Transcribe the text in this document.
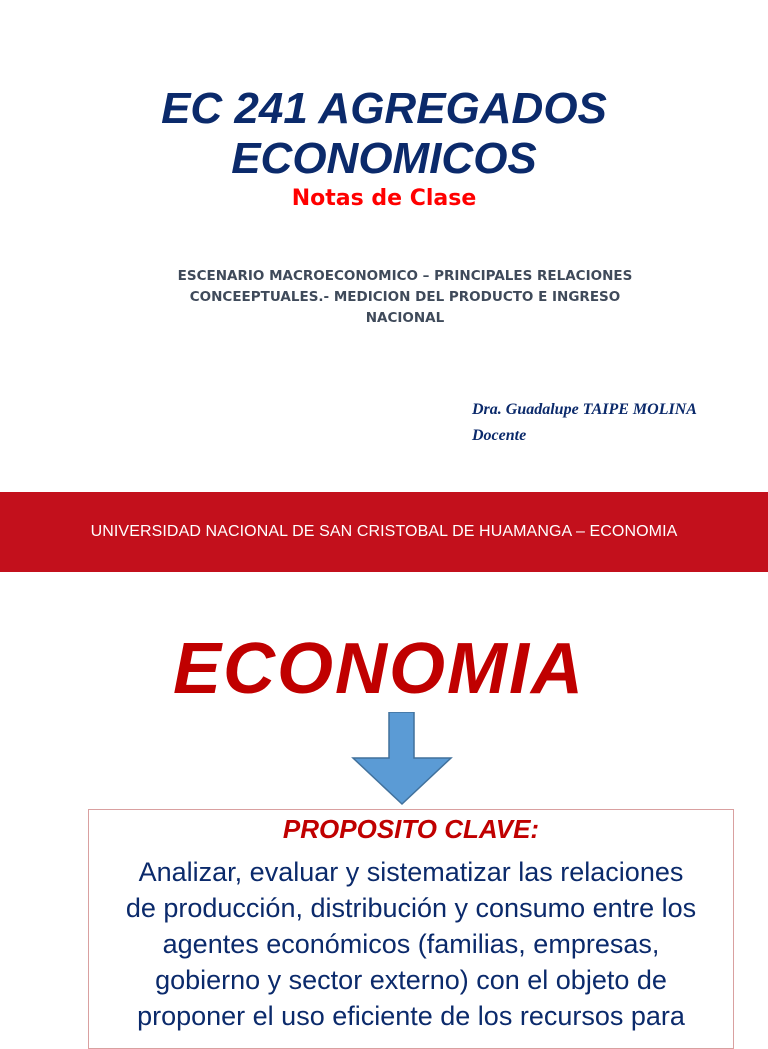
EC 241 AGREGADOS
ECONOMICOS
Notas de Clase
ESCENARIO MACROECONOMICO – PRINCIPALES RELACIONES
CONCEEPTUALES.- MEDICION DEL PRODUCTO E INGRESO
NACIONAL
Dra. Guadalupe TAIPE MOLINA
Docente
UNIVERSIDAD NACIONAL DE SAN CRISTOBAL DE HUAMANGA – ECONOMIA
ECONOMIA
PROPOSITO CLAVE:
Analizar, evaluar y sistematizar las relaciones
de producción, distribución y consumo entre los
agentes económicos (familias, empresas,
gobierno y sector externo) con el objeto de
proponer el uso eficiente de los recursos para
